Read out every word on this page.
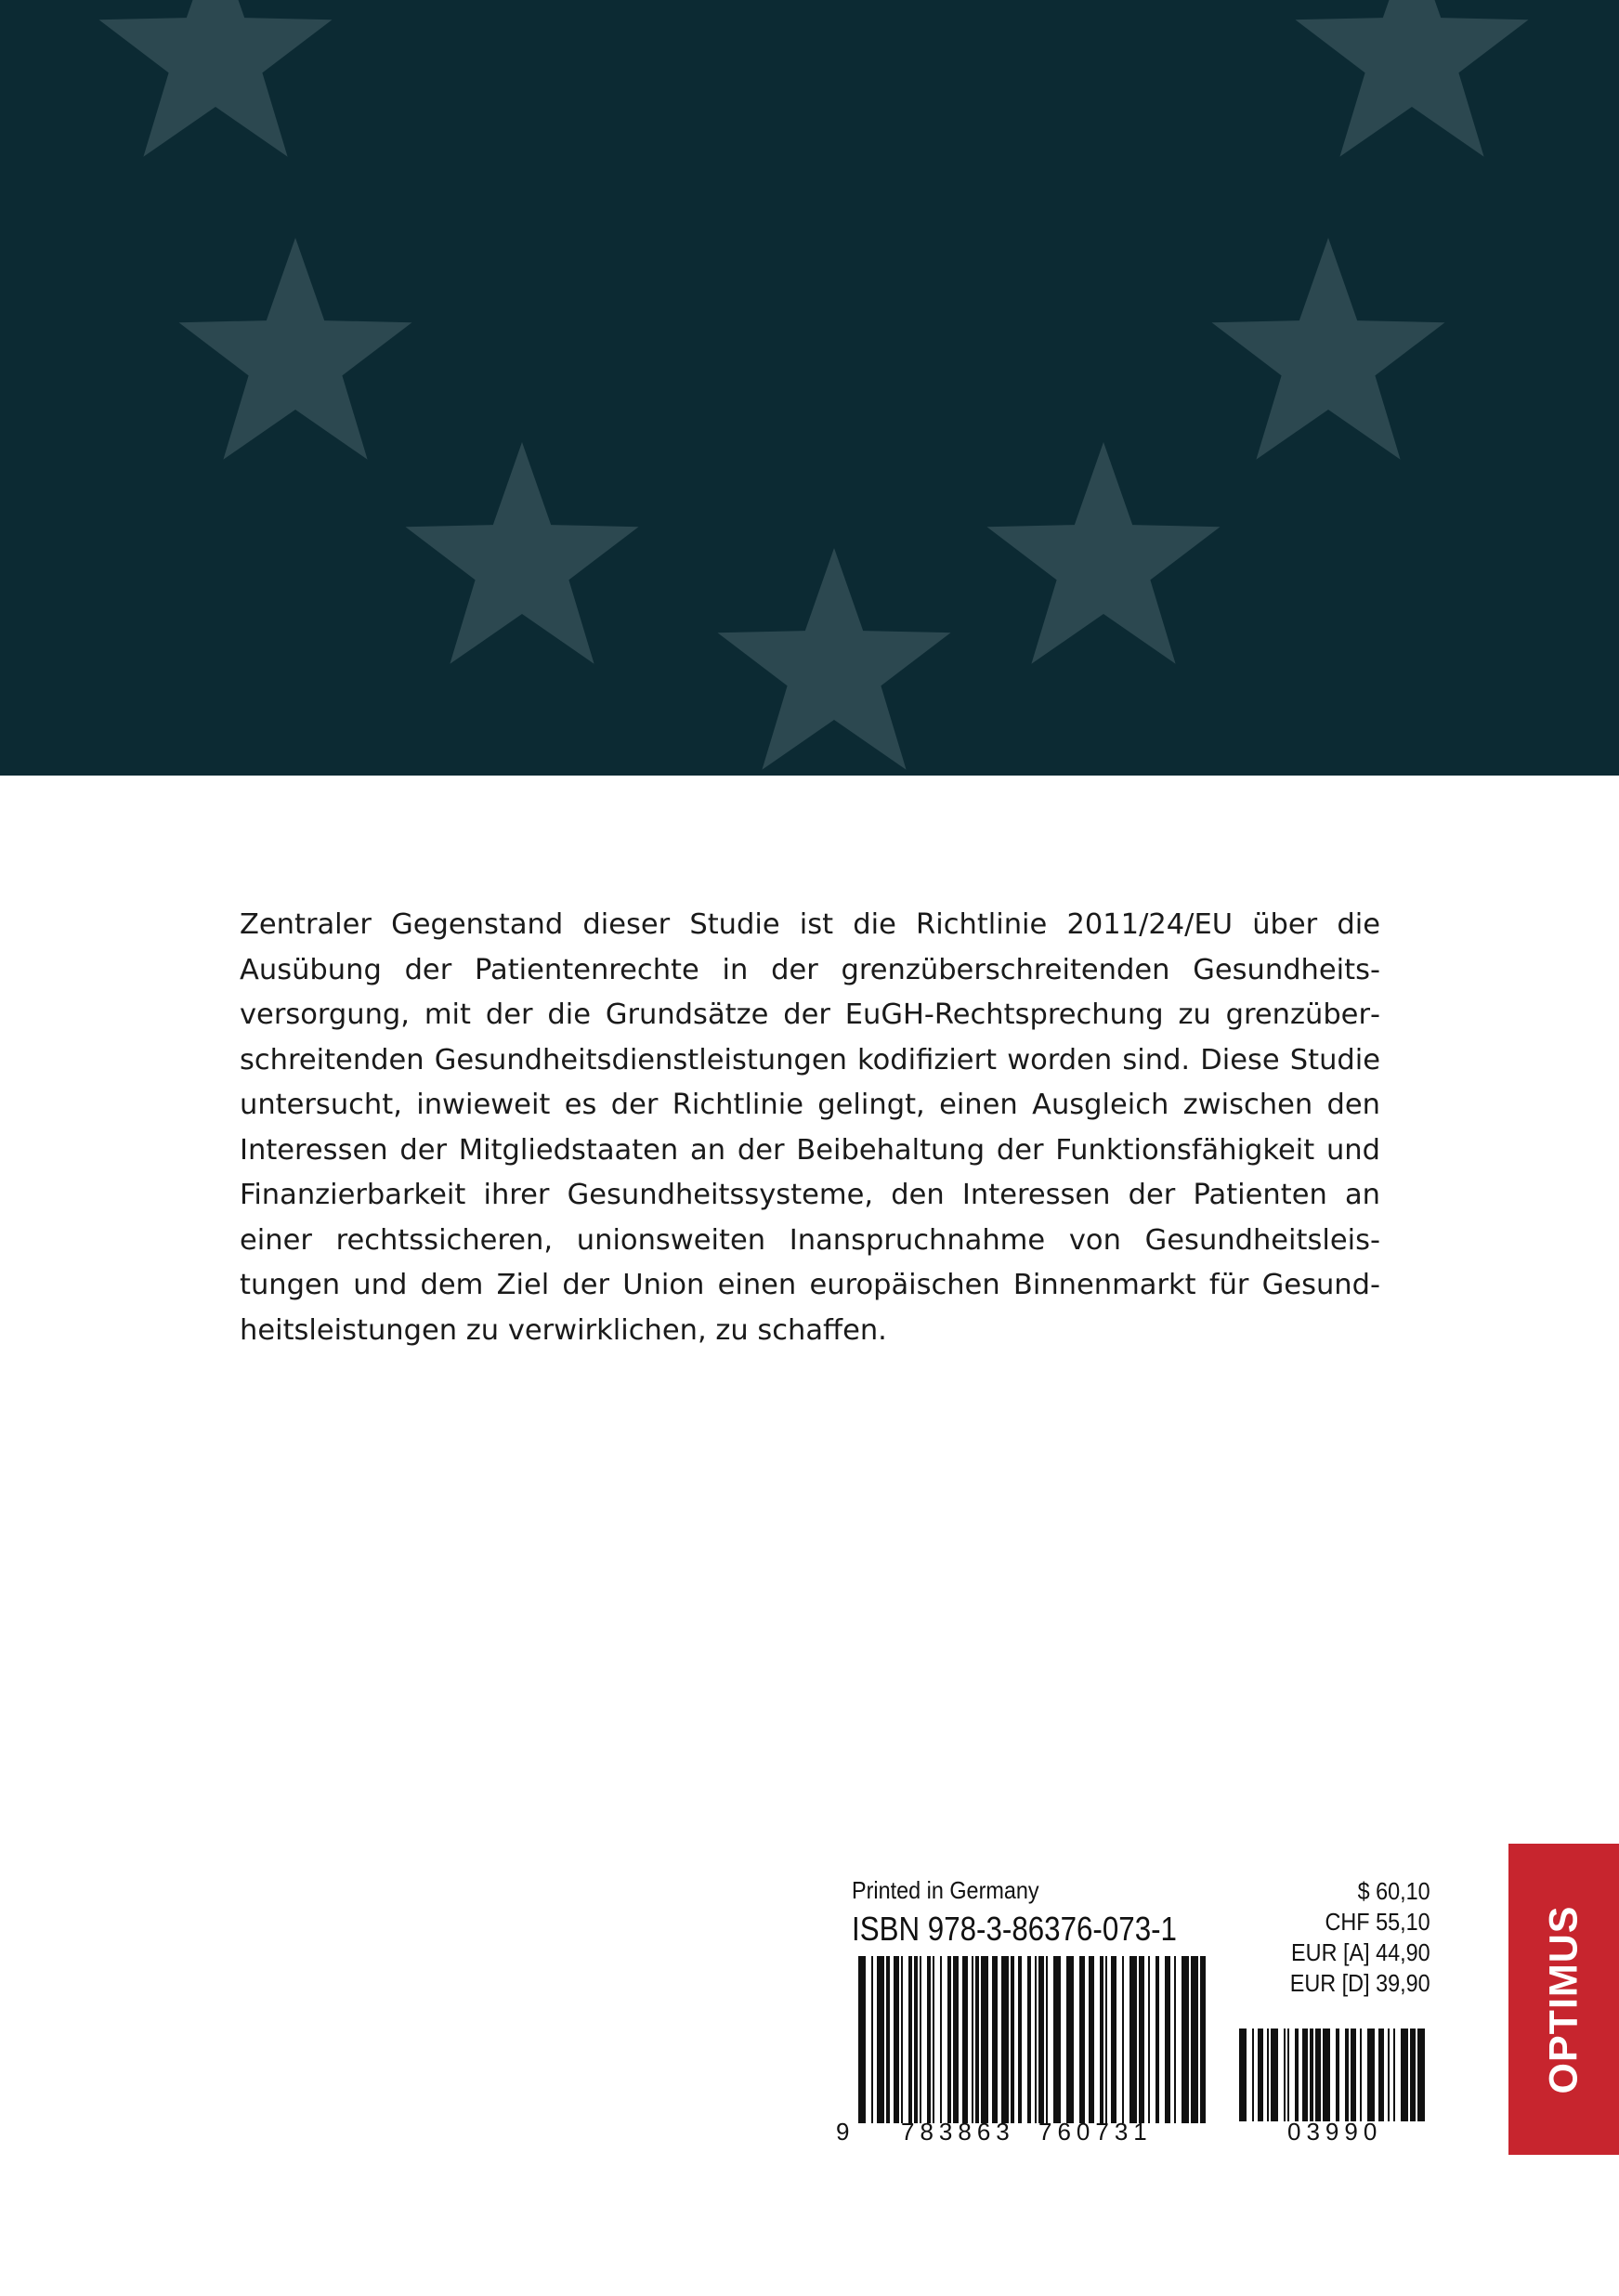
Zentraler Gegenstand dieser Studie ist die Richtlinie 2011/24/EU über die Ausübung der Patientenrechte in der grenzüberschreitenden Gesundheitsversorgung, mit der die Grundsätze der EuGH-Rechtsprechung zu grenzüberschreitenden Gesundheitsdienstleistungen kodifiziert worden sind. Diese Studie untersucht, inwieweit es der Richtlinie gelingt, einen Ausgleich zwischen den Interessen der Mitgliedstaaten an der Beibehaltung der Funktionsfähigkeit und Finanzierbarkeit ihrer Gesundheitssysteme, den Interessen der Patienten an einer rechtssicheren, unionsweiten Inanspruchnahme von Gesundheitsleistungen und dem Ziel der Union einen europäischen Binnenmarkt für Gesundheitsleistungen zu verwirklichen, zu schaffen.

Printed in Germany
ISBN 978-3-86376-073-1
$ 60,10
CHF 55,10
EUR [A] 44,90
EUR [D] 39,90
9 783863 760731	03990
OPTIMUS
